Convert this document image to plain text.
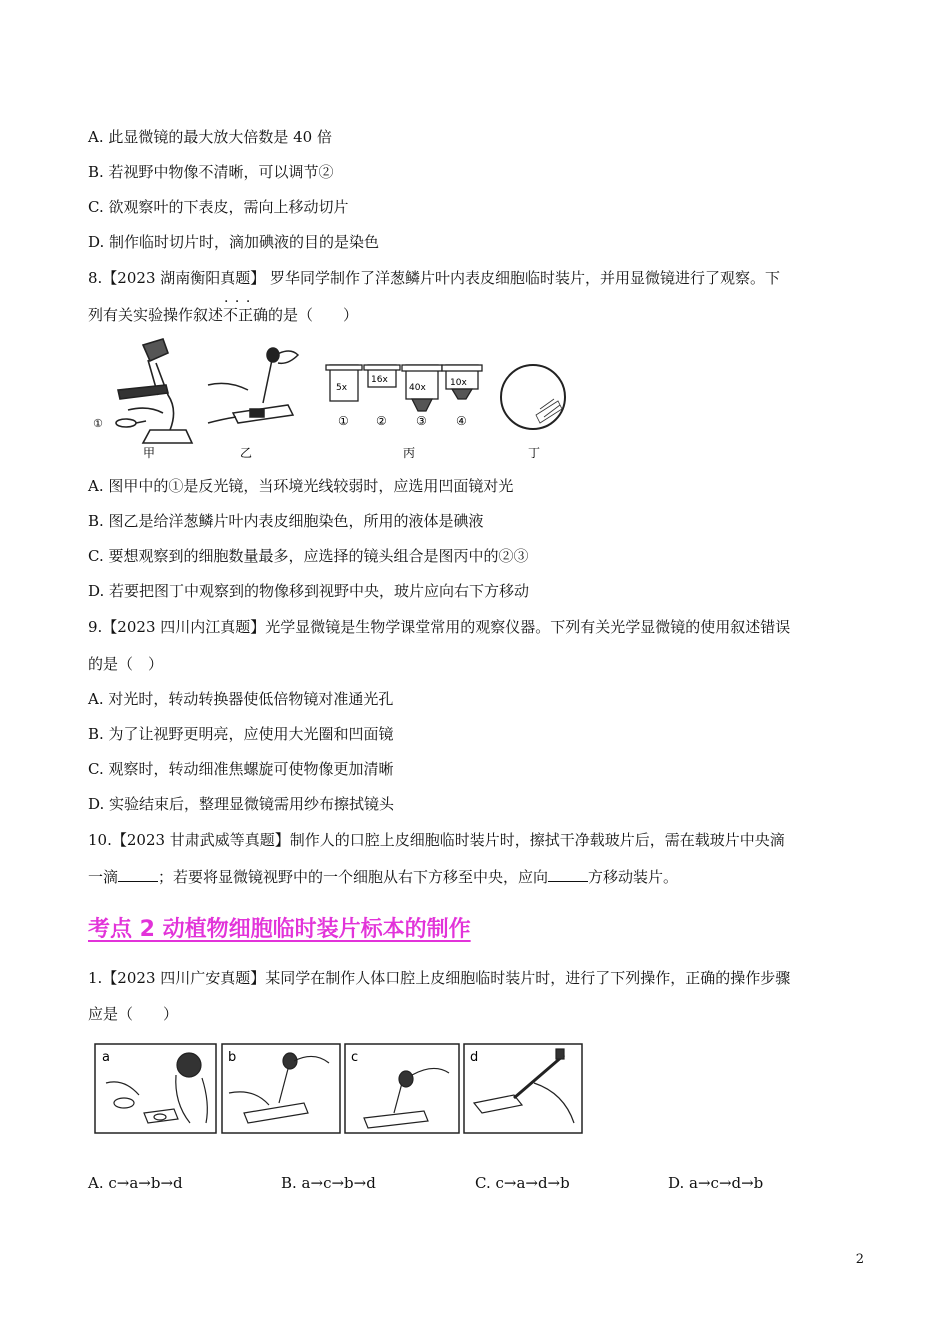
A. 此显微镜的最大放大倍数是 40 倍
B. 若视野中物像不清晰，可以调节②
C. 欲观察叶的下表皮，需向上移动切片
D. 制作临时切片时，滴加碘液的目的是染色
8.【2023 湖南衡阳真题】 罗华同学制作了洋葱鳞片叶内表皮细胞临时装片，并用显微镜进行了观察。下
列有关实验操作叙述· · · 不正确的是（　　）
①
甲	乙
5x
16x
40x	10x
① ② ③ ④
丙	丁
A. 图甲中的①是反光镜，当环境光线较弱时，应选用凹面镜对光
B. 图乙是给洋葱鳞片叶内表皮细胞染色，所用的液体是碘液
C. 要想观察到的细胞数量最多，应选择的镜头组合是图丙中的②③
D. 若要把图丁中观察到的物像移到视野中央，玻片应向右下方移动
9.【2023 四川内江真题】光学显微镜是生物学课堂常用的观察仪器。下列有关光学显微镜的使用叙述错误
的是（　）
A. 对光时，转动转换器使低倍物镜对准通光孔
B. 为了让视野更明亮，应使用大光圈和凹面镜
C. 观察时，转动细准焦螺旋可使物像更加清晰
D. 实验结束后，整理显微镜需用纱布擦拭镜头
10.【2023 甘肃武威等真题】制作人的口腔上皮细胞临时装片时，擦拭干净载玻片后，需在载玻片中央滴
一滴	；若要将显微镜视野中的一个细胞从右下方移至中央，应向	方移动装片。
考点 2 动植物细胞临时装片标本的制作
1.【2023 四川广安真题】某同学在制作人体口腔上皮细胞临时装片时，进行了下列操作，正确的操作步骤
应是（　　）
a	b	c	d
A. c→a→b→d	B. a→c→b→d	C. c→a→d→b	D. a→c→d→b
2
